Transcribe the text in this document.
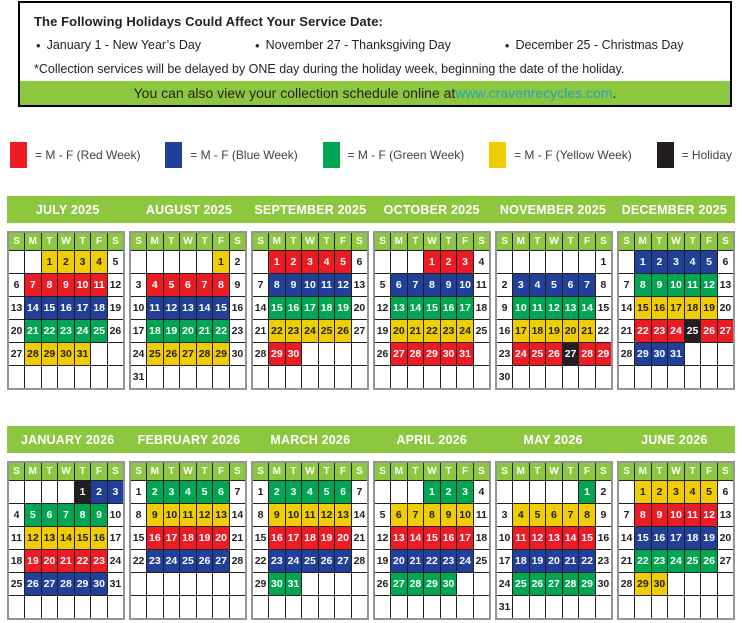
The Following Holidays Could Affect Your Service Date:
• January 1 - New Year’s Day	• November 27 - Thanksgiving Day	• December 25 - Christmas Day
*Collection services will be delayed by ONE day during the holiday week, beginning the date of the holiday.
You can also view your collection schedule online at www.cravenrecycles.com .
= M - F (Red Week)	= M - F (Blue Week)	= M - F (Green Week)	= M - F (Yellow Week)	= Holiday
JULY 2025	AUGUST 2025	SEPTEMBER 2025	OCTOBER 2025	NOVEMBER 2025	DECEMBER 2025
S	M	T	W	T	F	S
		1	2	3	4	5
6	7	8	9	10	11	12
13	14	15	16	17	18	19
20	21	22	23	24	25	26
27	28	29	30	31		

S	M	T	W	T	F	S
					1	2
3	4	5	6	7	8	9
10	11	12	13	14	15	16
17	18	19	20	21	22	23
24	25	26	27	28	29	30
31						
S	M	T	W	T	F	S
	1	2	3	4	5	6
7	8	9	10	11	12	13
14	15	16	17	18	19	20
21	22	23	24	25	26	27
28	29	30				

S	M	T	W	T	F	S
			1	2	3	4
5	6	7	8	9	10	11
12	13	14	15	16	17	18
19	20	21	22	23	24	25
26	27	28	29	30	31	

S	M	T	W	T	F	S
						1
2	3	4	5	6	7	8
9	10	11	12	13	14	15
16	17	18	19	20	21	22
23	24	25	26	27	28	29
30						
S	M	T	W	T	F	S
	1	2	3	4	5	6
7	8	9	10	11	12	13
14	15	16	17	18	19	20
21	22	23	24	25	26	27
28	29	30	31			

JANUARY 2026	FEBRUARY 2026	MARCH 2026	APRIL 2026	MAY 2026	JUNE 2026
S	M	T	W	T	F	S
				1	2	3
4	5	6	7	8	9	10
11	12	13	14	15	16	17
18	19	20	21	22	23	24
25	26	27	28	29	30	31

S	M	T	W	T	F	S
1	2	3	4	5	6	7
8	9	10	11	12	13	14
15	16	17	18	19	20	21
22	23	24	25	26	27	28

S	M	T	W	T	F	S
1	2	3	4	5	6	7
8	9	10	11	12	13	14
15	16	17	18	19	20	21
22	23	24	25	26	27	28
29	30	31				

S	M	T	W	T	F	S
			1	2	3	4
5	6	7	8	9	10	11
12	13	14	15	16	17	18
19	20	21	22	23	24	25
26	27	28	29	30		

S	M	T	W	T	F	S
					1	2
3	4	5	6	7	8	9
10	11	12	13	14	15	16
17	18	19	20	21	22	23
24	25	26	27	28	29	30
31						
S	M	T	W	T	F	S
	1	2	3	4	5	6
7	8	9	10	11	12	13
14	15	16	17	18	19	20
21	22	23	24	25	26	27
28	29	30				
